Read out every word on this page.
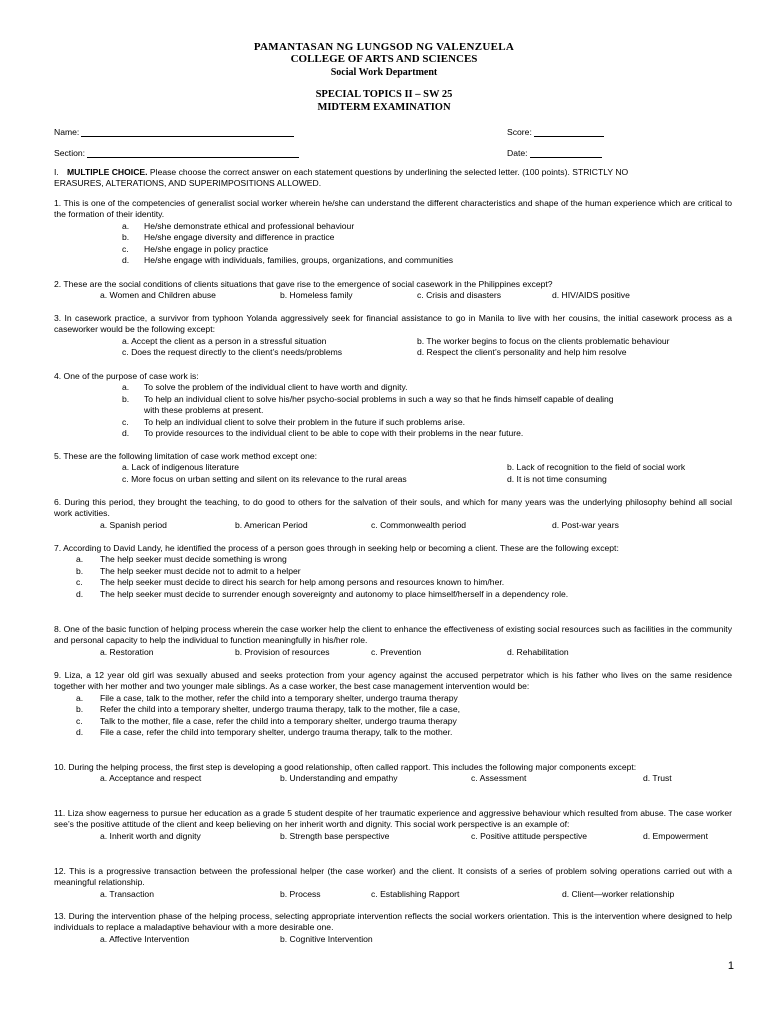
PAMANTASAN NG LUNGSOD NG VALENZUELA
COLLEGE OF ARTS AND SCIENCES
Social Work Department
SPECIAL TOPICS II – SW 25
MIDTERM EXAMINATION
Name:	Score:
Section:	Date:
I. MULTIPLE CHOICE. Please choose the correct answer on each statement questions by underlining the selected letter. (100 points). STRICTLY NO
ERASURES, ALTERATIONS, AND SUPERIMPOSITIONS ALLOWED.
1. This is one of the competencies of generalist social worker wherein he/she can understand the different characteristics and shape of the human experience which are critical to the formation of their identity.
a. He/she demonstrate ethical and professional behaviour
b. He/she engage diversity and difference in practice
c. He/she engage in policy practice
d. He/she engage with individuals, families, groups, organizations, and communities
2. These are the social conditions of clients situations that gave rise to the emergence of social casework in the Philippines except?
a. Women and Children abuse	b. Homeless family	c. Crisis and disasters	d. HIV/AIDS positive
3. In casework practice, a survivor from typhoon Yolanda aggressively seek for financial assistance to go in Manila to live with her cousins, the initial casework process as a caseworker would be the following except:
a. Accept the client as a person in a stressful situation	b. The worker begins to focus on the clients problematic behaviour
c. Does the request directly to the client’s needs/problems	d. Respect the client’s personality and help him resolve
4. One of the purpose of case work is:
a. To solve the problem of the individual client to have worth and dignity.
b. To help an individual client to solve his/her psycho-social problems in such a way so that he finds himself capable of dealing
with these problems at present.
c. To help an individual client to solve their problem in the future if such problems arise.
d. To provide resources to the individual client to be able to cope with their problems in the near future.
5. These are the following limitation of case work method except one:
a. Lack of indigenous literature	b. Lack of recognition to the field of social work
c. More focus on urban setting and silent on its relevance to the rural areas	d. It is not time consuming
6. During this period, they brought the teaching, to do good to others for the salvation of their souls, and which for many years was the underlying philosophy behind all social work activities.
a. Spanish period	b. American Period	c. Commonwealth period	d. Post-war years
7. According to David Landy, he identified the process of a person goes through in seeking help or becoming a client. These are the following except:
a. The help seeker must decide something is wrong
b. The help seeker must decide not to admit to a helper
c. The help seeker must decide to direct his search for help among persons and resources known to him/her.
d. The help seeker must decide to surrender enough sovereignty and autonomy to place himself/herself in a dependency role.
8. One of the basic function of helping process wherein the case worker help the client to enhance the effectiveness of existing social resources such as facilities in the community and personal capacity to help the individual to function meaningfully in his/her role.
a. Restoration	b. Provision of resources	c. Prevention	d. Rehabilitation
9. Liza, a 12 year old girl was sexually abused and seeks protection from your agency against the accused perpetrator which is his father who lives on the same residence together with her mother and two younger male siblings. As a case worker, the best case management intervention would be:
a. File a case, talk to the mother, refer the child into a temporary shelter, undergo trauma therapy
b. Refer the child into a temporary shelter, undergo trauma therapy, talk to the mother, file a case,
c. Talk to the mother, file a case, refer the child into a temporary shelter, undergo trauma therapy
d. File a case, refer the child into temporary shelter, undergo trauma therapy, talk to the mother.
10. During the helping process, the first step is developing a good relationship, often called rapport. This includes the following major components except:
a. Acceptance and respect	b. Understanding and empathy	c. Assessment	d. Trust
11. Liza show eagerness to pursue her education as a grade 5 student despite of her traumatic experience and aggressive behaviour which resulted from abuse. The case worker see’s the positive attitude of the client and keep believing on her inherit worth and dignity. This social work perspective is an example of:
a. Inherit worth and dignity	b. Strength base perspective	c. Positive attitude perspective	d. Empowerment
12. This is a progressive transaction between the professional helper (the case worker) and the client. It consists of a series of problem solving operations carried out with a meaningful relationship.
a. Transaction	b. Process	c. Establishing Rapport	d. Client—worker relationship
13. During the intervention phase of the helping process, selecting appropriate intervention reflects the social workers orientation. This is the intervention where designed to help individuals to replace a maladaptive behaviour with a more desirable one.
a. Affective Intervention	b. Cognitive Intervention
1
